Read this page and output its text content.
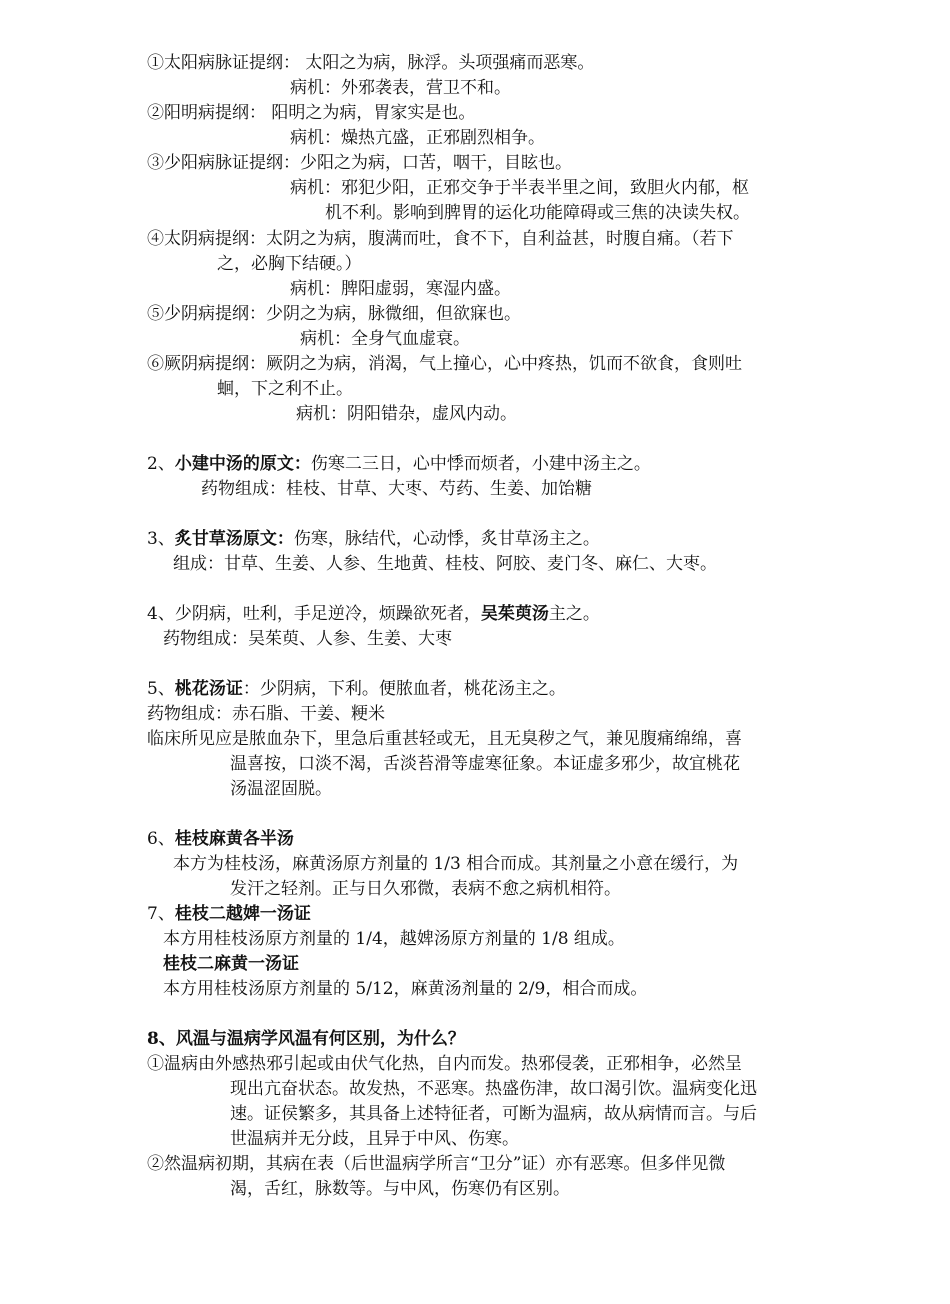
①太阳病脉证提纲： 太阳之为病，脉浮。头项强痛而恶寒。
病机：外邪袭表，营卫不和。
②阳明病提纲： 阳明之为病，胃家实是也。
病机：燥热亢盛，正邪剧烈相争。
③少阳病脉证提纲：少阳之为病，口苦，咽干，目眩也。
病机：邪犯少阳，正邪交争于半表半里之间，致胆火内郁，枢
机不利。影响到脾胃的运化功能障碍或三焦的决读失权。
④太阴病提纲：太阴之为病，腹满而吐，食不下，自利益甚，时腹自痛。（若下
之，必胸下结硬。）
病机：脾阳虚弱，寒湿内盛。
⑤少阴病提纲：少阴之为病，脉微细，但欲寐也。
病机：全身气血虚衰。
⑥厥阴病提纲：厥阴之为病，消渴，气上撞心，心中疼热，饥而不欲食，食则吐
蛔，下之利不止。
病机：阴阳错杂，虚风内动。
2、小建中汤的原文：伤寒二三日，心中悸而烦者，小建中汤主之。
药物组成：桂枝、甘草、大枣、芍药、生姜、加饴糖
3、炙甘草汤原文：伤寒，脉结代，心动悸，炙甘草汤主之。
组成：甘草、生姜、人参、生地黄、桂枝、阿胶、麦门冬、麻仁、大枣。
4、少阴病，吐利，手足逆冷，烦躁欲死者，吴茱萸汤主之。
药物组成：吴茱萸、人参、生姜、大枣
5、桃花汤证：少阴病，下利。便脓血者，桃花汤主之。
药物组成：赤石脂、干姜、粳米
临床所见应是脓血杂下，里急后重甚轻或无，且无臭秽之气，兼见腹痛绵绵，喜
温喜按，口淡不渴，舌淡苔滑等虚寒征象。本证虚多邪少，故宜桃花
汤温涩固脱。
6、桂枝麻黄各半汤
本方为桂枝汤，麻黄汤原方剂量的 1/3 相合而成。其剂量之小意在缓行，为
发汗之轻剂。正与日久邪微，表病不愈之病机相符。
7、桂枝二越婢一汤证
本方用桂枝汤原方剂量的 1/4，越婢汤原方剂量的 1/8 组成。
桂枝二麻黄一汤证
本方用桂枝汤原方剂量的 5/12，麻黄汤剂量的 2/9，相合而成。
8、风温与温病学风温有何区别，为什么？
①温病由外感热邪引起或由伏气化热，自内而发。热邪侵袭，正邪相争，必然呈
现出亢奋状态。故发热，不恶寒。热盛伤津，故口渴引饮。温病变化迅
速。证侯繁多，其具备上述特征者，可断为温病，故从病情而言。与后
世温病并无分歧，且异于中风、伤寒。
②然温病初期，其病在表（后世温病学所言“卫分”证）亦有恶寒。但多伴见微
渴，舌红，脉数等。与中风，伤寒仍有区别。
